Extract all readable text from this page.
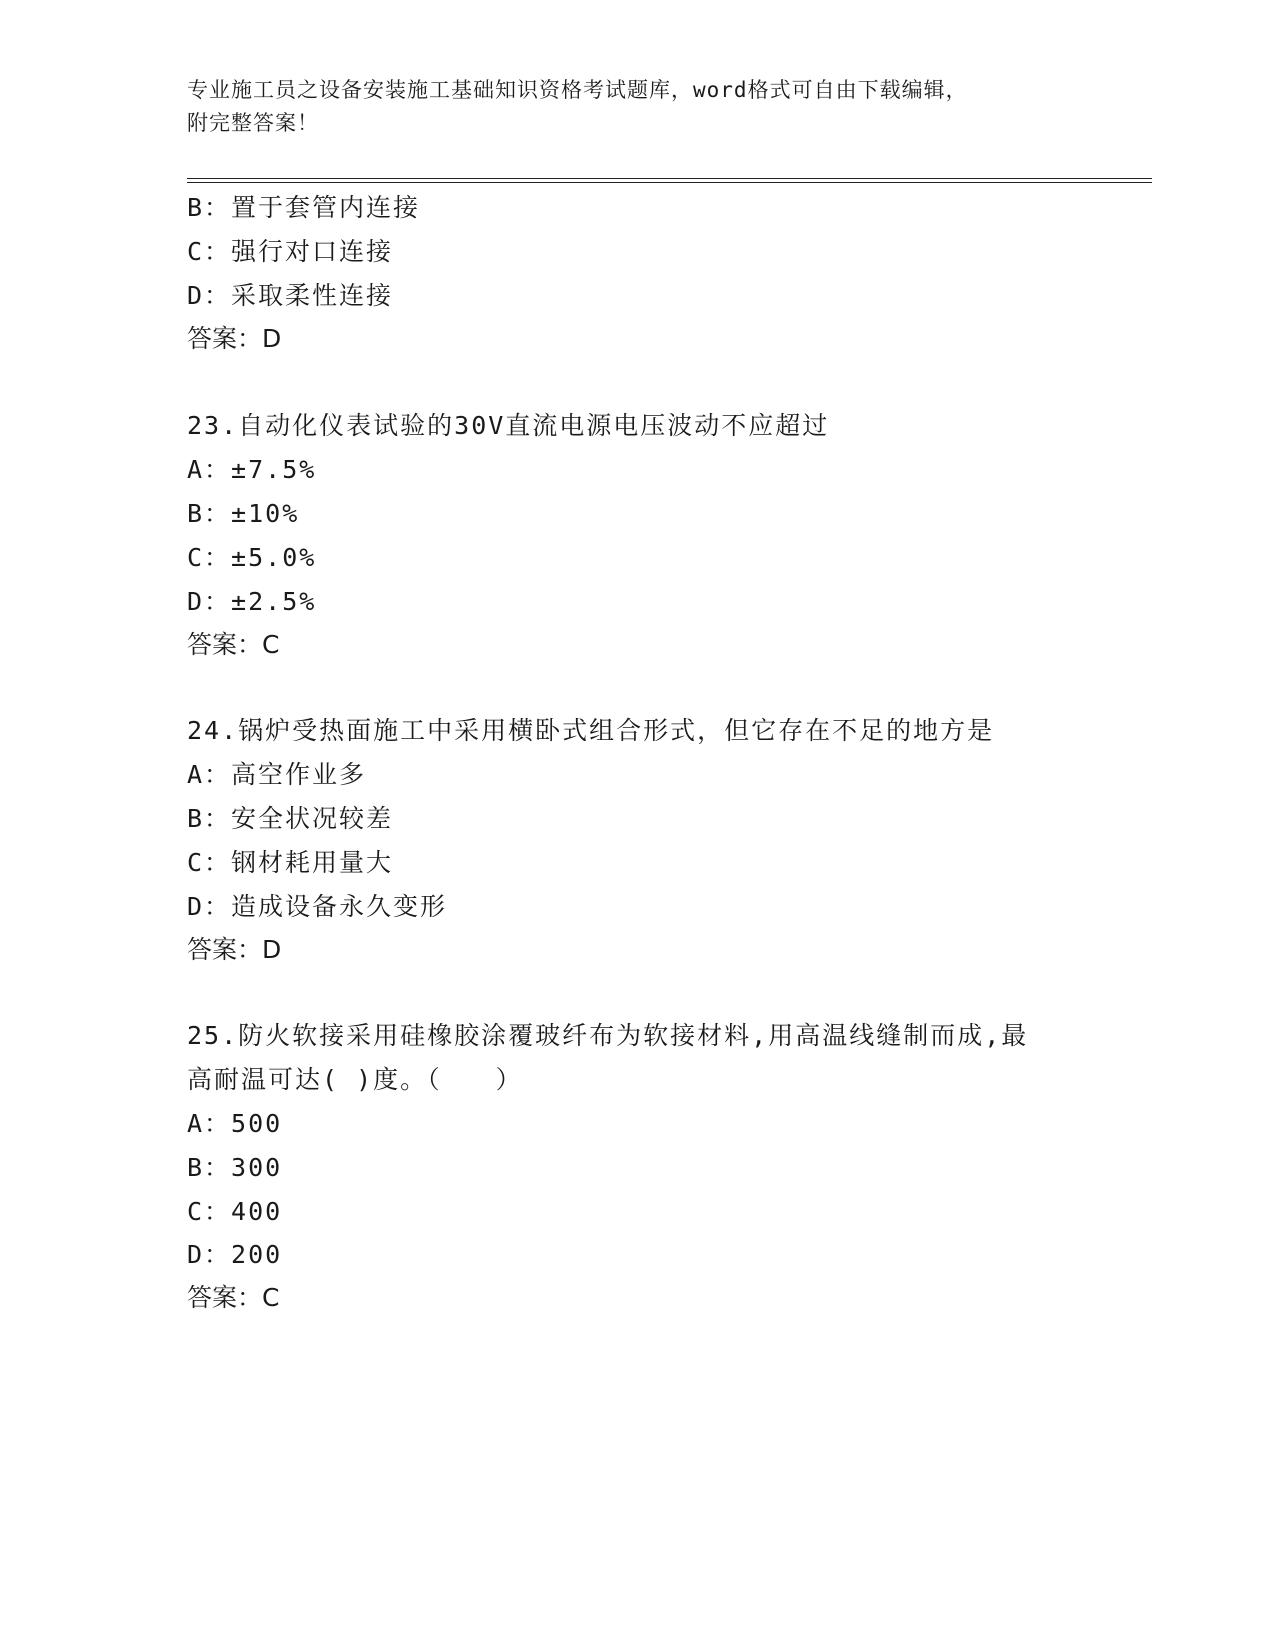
专业施工员之设备安装施工基础知识资格考试题库，word格式可自由下载编辑，
附完整答案！
B：置于套管内连接
C：强行对口连接
D：采取柔性连接
答案：D
23.自动化仪表试验的30V直流电源电压波动不应超过
A：±7.5%
B：±10%
C：±5.0%
D：±2.5%
答案：C
24.锅炉受热面施工中采用横卧式组合形式，但它存在不足的地方是
A：高空作业多
B：安全状况较差
C：钢材耗用量大
D：造成设备永久变形
答案：D
25.防火软接采用硅橡胶涂覆玻纤布为软接材料,用高温线缝制而成,最
高耐温可达( )度。（　　）
A：500
B：300
C：400
D：200
答案：C
